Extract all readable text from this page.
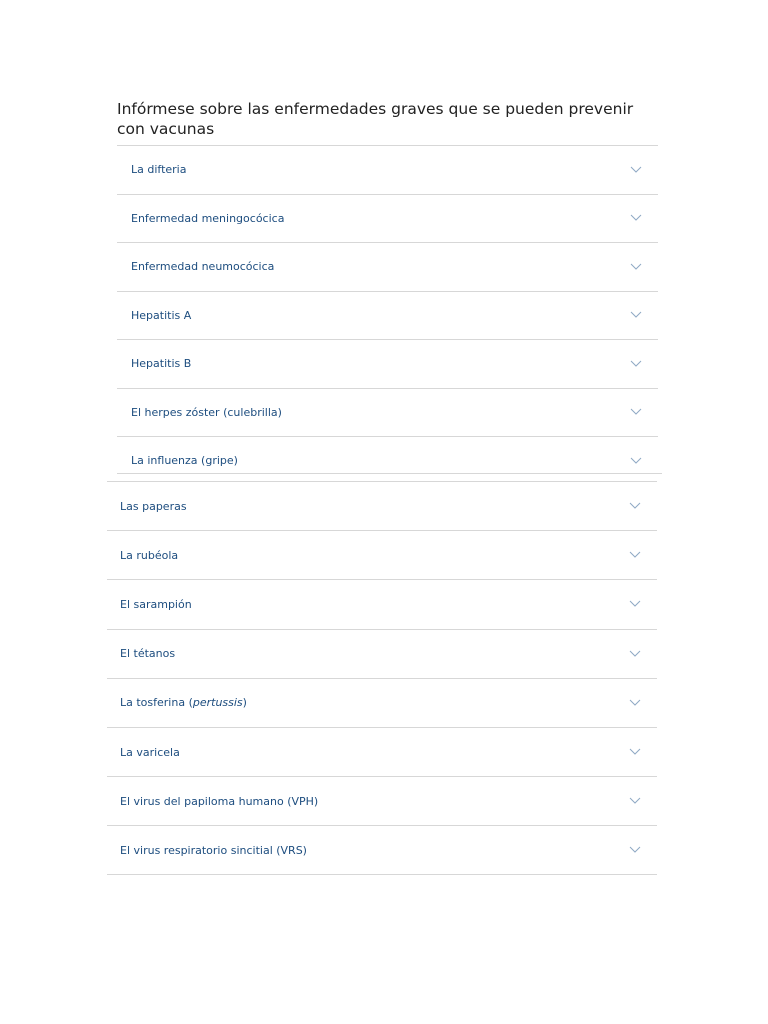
Infórmese sobre las enfermedades graves que se pueden prevenir con vacunas
La difteria
Enfermedad meningocócica
Enfermedad neumocócica
Hepatitis A
Hepatitis B
El herpes zóster (culebrilla)
La influenza (gripe)
Las paperas
La rubéola
El sarampión
El tétanos
La tosferina (pertussis)
La varicela
El virus del papiloma humano (VPH)
El virus respiratorio sincitial (VRS)
